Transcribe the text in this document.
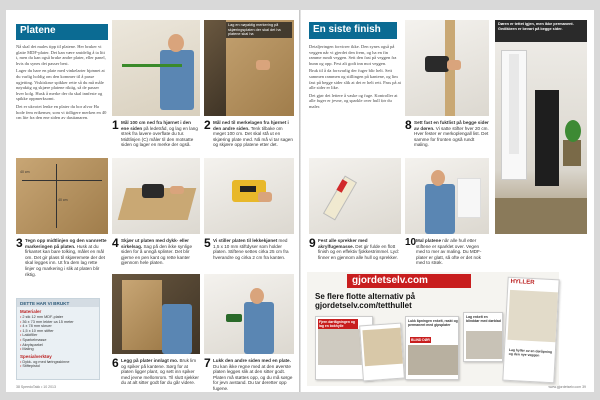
Platene

Nå skal det males tipp til platene. Her bruker vi glatte MDF-plater. Det kan være smidelig å ta litt t, men du kan også bruke andre plater, eller panel, hvis du synes det passer best.

Lager du hare en plate med vinkelarter bjønnet at du varlig holdig om den kommer til å passe ugjetting. Viskiskrue spikker rette så du må måle nøyaktig og skjære platene riktig, så de passer hver kolg. Husk å merke der du skal innfeste og spikke oppmerksomt.

Det er ukvotet lenke en plater du bor alvor Ha hode fem erikenser, som vi tidligere merken en 40 cm lite fra den ene siden av dastianaren.

Lag en nøyaktig merkering på skjæringsplaten der skal det ha platene skal ha
1 Mål 100 cm ned fra hjørnet i den ene siden på ledetråd, og lag en lang strek fra lavere overflate du tur. Midtlinjen (C) måler til den motsatte siden og lager en merke der også.
2 Mål ned til merkelagen fra hjørnet i den andre siden. Tenk tilbake om meget 100 cm. Det skal stå ut en skjæring plate med. Nå må vi tar sagen og skjære opp platene etter det.
40 cm
40 cm
3 Tegn opp midtlinjen og den vannrette markeringen på platen. Husk at du firkantet kan bare tolking, målet en mål om. Det gir plass til skjæremete der det skal legges inn. Ut fra dem lag rette linjer og markering i slik at platen blir riktig.
4 Skjær ut platen med dykk- eller sirkelsag. Sag på den ikke synlige siden for å unngå splinter. Det blir gjerne en pen kant og rette kanter gjennom hele platen.
5 Vi stiller platen til lekkekjønet med 1,5 x 10 mm stiftdyser som holder platen. Stiftene settes cirka 25 cm fra hverandre og cirka 2 cm fra kanten.
DETTE HAR VI BRUKT
Materialer
• 2 stk 12 mm MDF-plater
• 36 x 73 mm lekter ca 15 meter
• 4 x 78 mm skruer
• 1,5 x 10 mm stifter
• Lakkfiller
• Sparkelmasse
• Akrylsparkel
• Maling
Spesialverktøy
• Dykk- og med føringsskinne
• Stiftepistol	6 Legg på plater innlagt mo. Bruk lim og spiker på kantene. Sørg for at platen ligger plant, og sett inn spiker med jevne mellomrom. Til slutt sjekker du at alt sitter godt før du går videre.
7 Lukk den andre siden med en plate. Du kan ikke regne med at den øverste platen legges slik at den sitter godt. Platen må støttes opp, og du må sørge for jevn avstand. Du tar deretter opp fugene.
38 SpeedoTakk • 10 2013
En siste finish

Detaljeringen forvirrer ikke. Den synes også på veggen når vi gjerdet den frem, og ha en fin ramme rundt veggen. Sett den fast på veggen fra bunn og opp. Fest alt godt inn mot veggen.

Bruk til å da forsvarlig der fuger blir helt. Sett sammen rammen og stillingen på kantene, og lim fast på begge sider slik at det er helt rett. Pass på at alle sider er like.

Det gjør det lettere å vaske og fuge. Kontroller at alle fuger er jevne, og sparkle over hull før du maler.

8 Sett fast en fuktlist på begge sider av døren. Vi satte stifter hver 20 cm. Hver fester er merkoplengall list. Det samme for fronten også rundt maling.
Døren er tettet igjen, men ikke permanent. Gedikbren er bevart på begge sider.
9 Fest alle sprekker med akrylfugemasse. Det gir fulde en flott finish og en effektiv fjokkestrimmel. Lyd: finner en gjennom alle hull og sprekker.
10 Mal platene når alle hull etter stiftene er sparklet over. Vegen med to mer av maling. Du MDF-plater er glatt, så ofte er det nok med to strøk.
gjordetselv.com
Se flere flotte alternativ på gjordetselv.com/tetthullet
Fjern dørtågningen og lag en bokhylle
Lukk åpningen enkelt, raskt og permanent med gipsplater
BLIND DØR
Lag enkelt en blinddør med dørblad
HYLLER
Lag hyller av en døråpning og den nye veggen
www.gjordetselv.com 39
